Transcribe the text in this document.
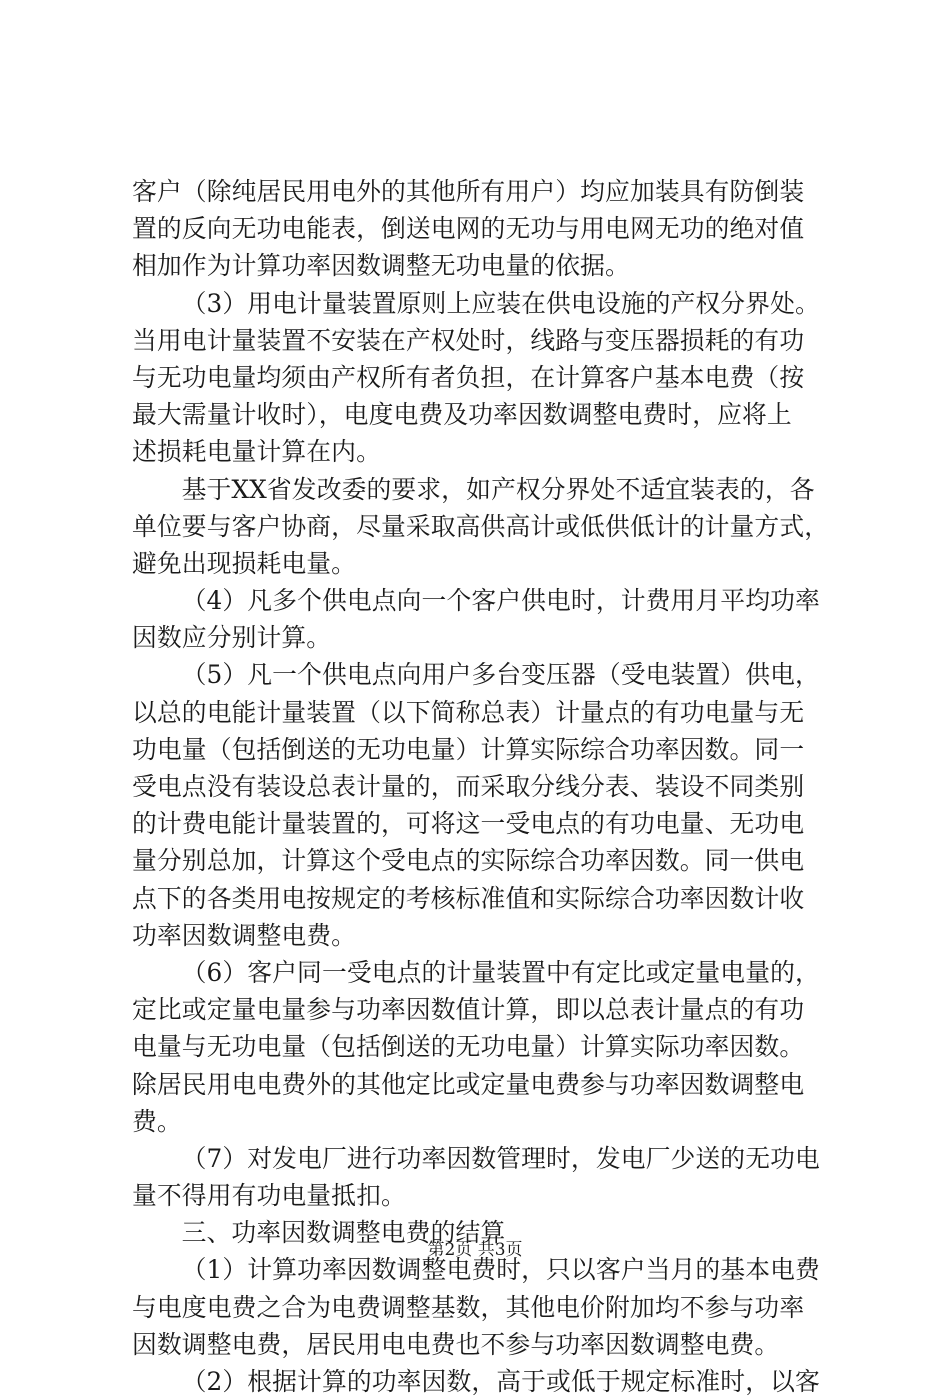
客户（除纯居民用电外的其他所有用户）均应加装具有防倒装
置的反向无功电能表，倒送电网的无功与用电网无功的绝对值
相加作为计算功率因数调整无功电量的依据。
（3）用电计量装置原则上应装在供电设施的产权分界处。
当用电计量装置不安装在产权处时，线路与变压器损耗的有功
与无功电量均须由产权所有者负担，在计算客户基本电费（按
最大需量计收时），电度电费及功率因数调整电费时，应将上
述损耗电量计算在内。
基于XX省发改委的要求，如产权分界处不适宜装表的，各
单位要与客户协商，尽量采取高供高计或低供低计的计量方式，
避免出现损耗电量。
（4）凡多个供电点向一个客户供电时，计费用月平均功率
因数应分别计算。
（5）凡一个供电点向用户多台变压器（受电装置）供电，
以总的电能计量装置（以下简称总表）计量点的有功电量与无
功电量（包括倒送的无功电量）计算实际综合功率因数。同一
受电点没有装设总表计量的，而采取分线分表、装设不同类别
的计费电能计量装置的，可将这一受电点的有功电量、无功电
量分别总加，计算这个受电点的实际综合功率因数。同一供电
点下的各类用电按规定的考核标准值和实际综合功率因数计收
功率因数调整电费。
（6）客户同一受电点的计量装置中有定比或定量电量的，
定比或定量电量参与功率因数值计算，即以总表计量点的有功
电量与无功电量（包括倒送的无功电量）计算实际功率因数。
除居民用电电费外的其他定比或定量电费参与功率因数调整电
费。
（7）对发电厂进行功率因数管理时，发电厂少送的无功电
量不得用有功电量抵扣。
三、功率因数调整电费的结算
（1）计算功率因数调整电费时，只以客户当月的基本电费
与电度电费之合为电费调整基数，其他电价附加均不参与功率
因数调整电费，居民用电电费也不参与功率因数调整电费。
（2）根据计算的功率因数，高于或低于规定标准时，以客
第2页 共3页
